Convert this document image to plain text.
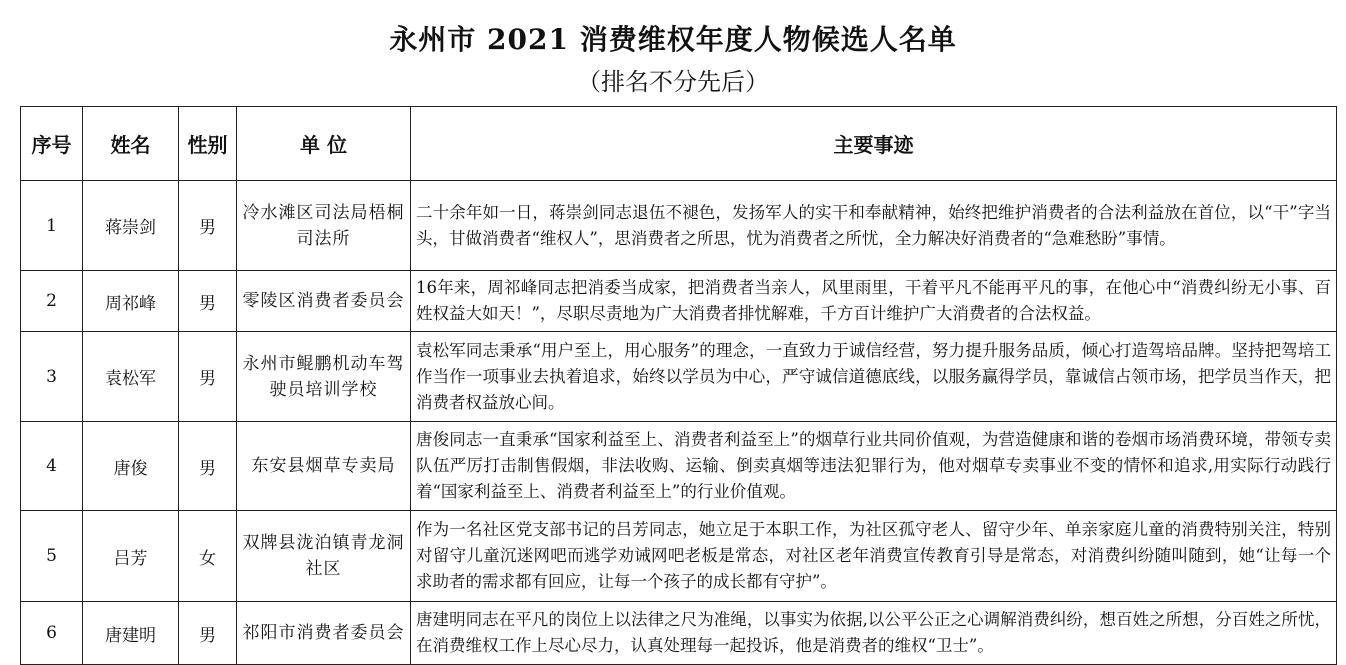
永州市 2021 消费维权年度人物候选人名单
（排名不分先后）
序号	姓名	性别	单 位	主要事迹
1	蒋崇剑	男	冷水滩区司法局梧桐司法所	二十余年如一日，蒋崇剑同志退伍不褪色，发扬军人的实干和奉献精神，始终把维护消费者的合法利益放在首位，以“干”字当头，甘做消费者“维权人”，思消费者之所思，忧为消费者之所忧，全力解决好消费者的“急难愁盼”事情。
2	周祁峰	男	零陵区消费者委员会	16年来，周祁峰同志把消委当成家，把消费者当亲人，风里雨里，干着平凡不能再平凡的事，在他心中“消费纠纷无小事、百姓权益大如天！”，尽职尽责地为广大消费者排忧解难，千方百计维护广大消费者的合法权益。
3	袁松军	男	永州市鲲鹏机动车驾驶员培训学校	袁松军同志秉承“用户至上，用心服务”的理念，一直致力于诚信经营，努力提升服务品质，倾心打造驾培品牌。坚持把驾培工作当作一项事业去执着追求，始终以学员为中心，严守诚信道德底线，以服务赢得学员，靠诚信占领市场，把学员当作天，把消费者权益放心间。
4	唐俊	男	东安县烟草专卖局	唐俊同志一直秉承“国家利益至上、消费者利益至上”的烟草行业共同价值观，为营造健康和谐的卷烟市场消费环境，带领专卖队伍严厉打击制售假烟，非法收购、运输、倒卖真烟等违法犯罪行为，他对烟草专卖事业不变的情怀和追求,用实际行动践行着“国家利益至上、消费者利益至上”的行业价值观。
5	吕芳	女	双牌县泷泊镇青龙洞社区	作为一名社区党支部书记的吕芳同志，她立足于本职工作，为社区孤守老人、留守少年、单亲家庭儿童的消费特别关注，特别对留守儿童沉迷网吧而逃学劝诫网吧老板是常态，对社区老年消费宣传教育引导是常态，对消费纠纷随叫随到，她“让每一个求助者的需求都有回应，让每一个孩子的成长都有守护”。
6	唐建明	男	祁阳市消费者委员会	唐建明同志在平凡的岗位上以法律之尺为准绳，以事实为依据,以公平公正之心调解消费纠纷，想百姓之所想，分百姓之所忧，在消费维权工作上尽心尽力，认真处理每一起投诉，他是消费者的维权“卫士”。
